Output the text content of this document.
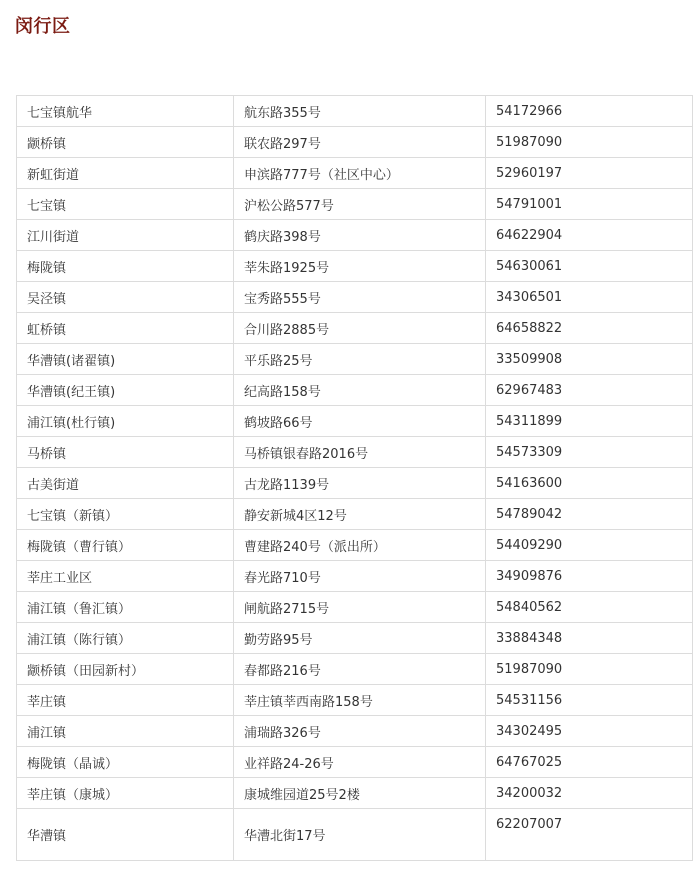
闵行区
七宝镇航华	航东路355号	54172966
颛桥镇	联农路297号	51987090
新虹街道	申滨路777号（社区中心）	52960197
七宝镇	沪松公路577号	54791001
江川街道	鹤庆路398号	64622904
梅陇镇	莘朱路1925号	54630061
吴泾镇	宝秀路555号	34306501
虹桥镇	合川路2885号	64658822
华漕镇(诸翟镇)	平乐路25号	33509908
华漕镇(纪王镇)	纪高路158号	62967483
浦江镇(杜行镇)	鹤坡路66号	54311899
马桥镇	马桥镇银春路2016号	54573309
古美街道	古龙路1139号	54163600
七宝镇（新镇）	静安新城4区12号	54789042
梅陇镇（曹行镇）	曹建路240号（派出所）	54409290
莘庄工业区	春光路710号	34909876
浦江镇（鲁汇镇）	闸航路2715号	54840562
浦江镇（陈行镇）	勤劳路95号	33884348
颛桥镇（田园新村）	春都路216号	51987090
莘庄镇	莘庄镇莘西南路158号	54531156
浦江镇	浦瑞路326号	34302495
梅陇镇（晶诚）	业祥路24-26号	64767025
莘庄镇（康城）	康城维园道25号2楼	34200032
华漕镇	华漕北街17号	62207007
